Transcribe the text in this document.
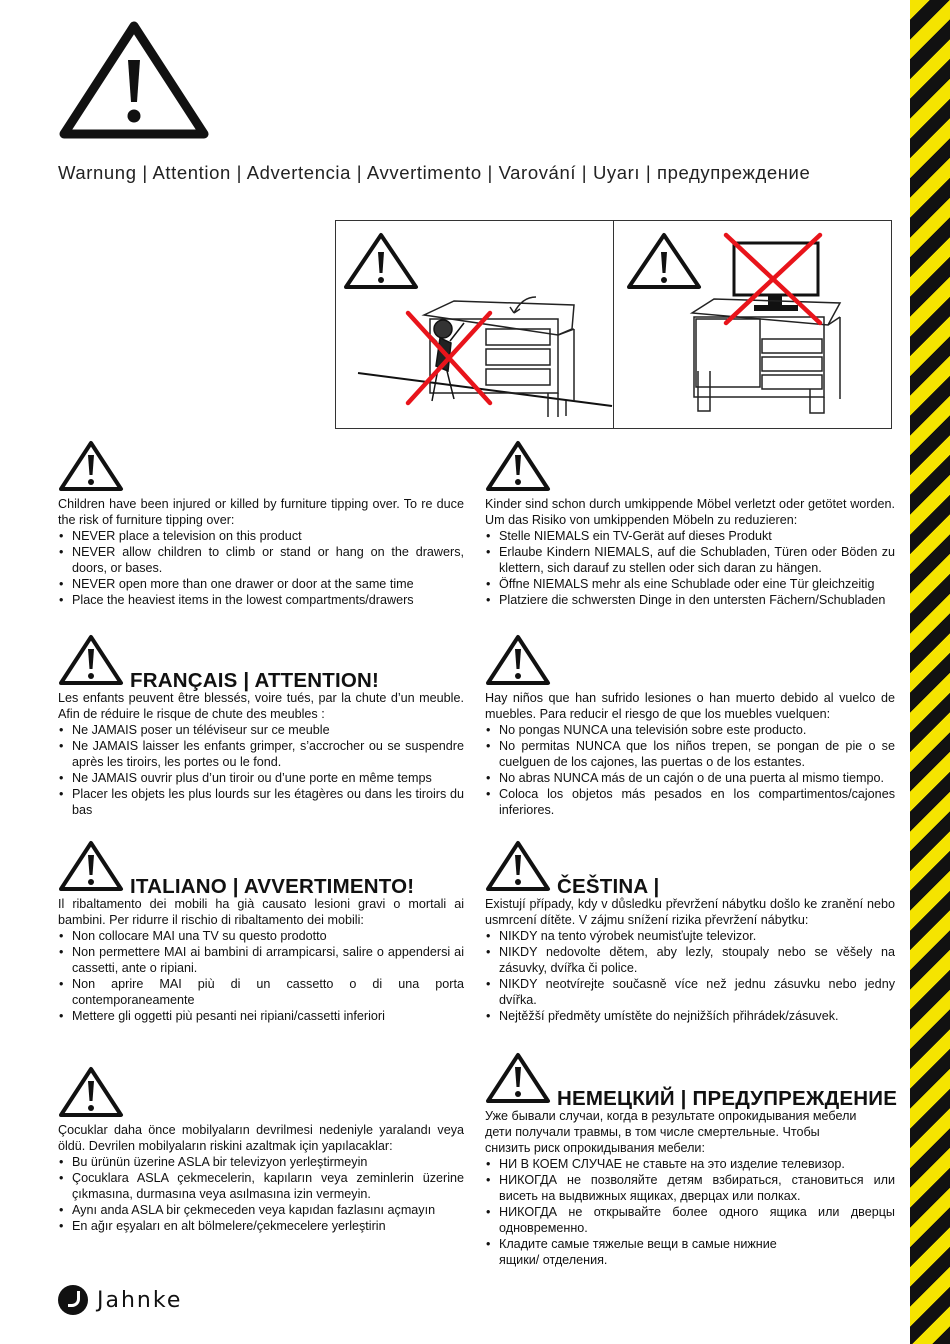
Warnung | Attention | Advertencia | Avvertimento | Varování | Uyarı | предупреждение

Children have been injured or killed by furniture tipping over. To re duce the risk of furniture tipping over:

• NEVER place a television on this product
• NEVER allow children to climb or stand or hang on the drawers, doors, or bases.
• NEVER open more than one drawer or door at the same time
• Place the heaviest items in the lowest compartments/drawers

Kinder sind schon durch umkippende Möbel verletzt oder getötet worden. Um das Risiko von umkippenden Möbeln zu reduzieren:

• Stelle NIEMALS ein TV-Gerät auf dieses Produkt
• Erlaube Kindern NIEMALS, auf die Schubladen, Türen oder Böden zu klettern, sich darauf zu stellen oder sich daran zu hängen.
• Öffne NIEMALS mehr als eine Schublade oder eine Tür gleichzeitig
• Platziere die schwersten Dinge in den untersten Fächern/Schubladen
FRANÇAIS | ATTENTION!

Les enfants peuvent être blessés, voire tués, par la chute d’un meuble. Afin de réduire le risque de chute des meubles :

• Ne JAMAIS poser un téléviseur sur ce meuble
• Ne JAMAIS laisser les enfants grimper, s’accrocher ou se suspendre après les tiroirs, les portes ou le fond.
• Ne JAMAIS ouvrir plus d’un tiroir ou d’une porte en même temps
• Placer les objets les plus lourds sur les étagères ou dans les tiroirs du bas

Hay niños que han sufrido lesiones o han muerto debido al vuelco de muebles. Para reducir el riesgo de que los muebles vuelquen:

• No pongas NUNCA una televisión sobre este producto.
• No permitas NUNCA que los niños trepen, se pongan de pie o se cuelguen de los cajones, las puertas o de los estantes.
• No abras NUNCA más de un cajón o de una puerta al mismo tiempo.
• Coloca los objetos más pesados en los compartimentos/cajones inferiores.
ITALIANO | AVVERTIMENTO!

Il ribaltamento dei mobili ha già causato lesioni gravi o mortali ai bambini. Per ridurre il rischio di ribaltamento dei mobili:

• Non collocare MAI una TV su questo prodotto
• Non permettere MAI ai bambini di arrampicarsi, salire o appendersi ai cassetti, ante o ripiani.
• Non aprire MAI più di un cassetto o di una porta contemporaneamente
• Mettere gli oggetti più pesanti nei ripiani/cassetti inferiori
ČEŠTINA |

Existují případy, kdy v důsledku převržení nábytku došlo ke zranění nebo usmrcení dítěte. V zájmu snížení rizika převržení nábytku:

• NIKDY na tento výrobek neumisťujte televizor.
• NIKDY nedovolte dětem, aby lezly, stoupaly nebo se věšely na zásuvky, dvířka či police.
• NIKDY neotvírejte současně více než jednu zásuvku nebo jedny dvířka.
• Nejtěžší předměty umístěte do nejnižších přihrádek/zásuvek.

Çocuklar daha önce mobilyaların devrilmesi nedeniyle yaralandı veya öldü. Devrilen mobilyaların riskini azaltmak için yapılacaklar:

• Bu ürünün üzerine ASLA bir televizyon yerleştirmeyin
• Çocuklara ASLA çekmecelerin, kapıların veya zeminlerin üzerine çıkmasına, durmasına veya asılmasına izin vermeyin.
• Aynı anda ASLA bir çekmeceden veya kapıdan fazlasını açmayın
• En ağır eşyaları en alt bölmelere/çekmecelere yerleştirin
НЕМЕЦКИЙ | ПРЕДУПРЕЖДЕНИЕ

Уже бывали случаи, когда в результате опрокидывания мебели дети получали травмы, в том числе смертельные. Чтобы снизить риск опрокидывания мебели:

• НИ В КОЕМ СЛУЧАЕ не ставьте на это изделие телевизор.
• НИКОГДА не позволяйте детям взбираться, становиться или висеть на выдвижных ящиках, дверцах или полках.
• НИКОГДА не открывайте более одного ящика или дверцы одновременно.
• Кладите самые тяжелые вещи в самые нижние ящики/ отделения.
Jahnke
